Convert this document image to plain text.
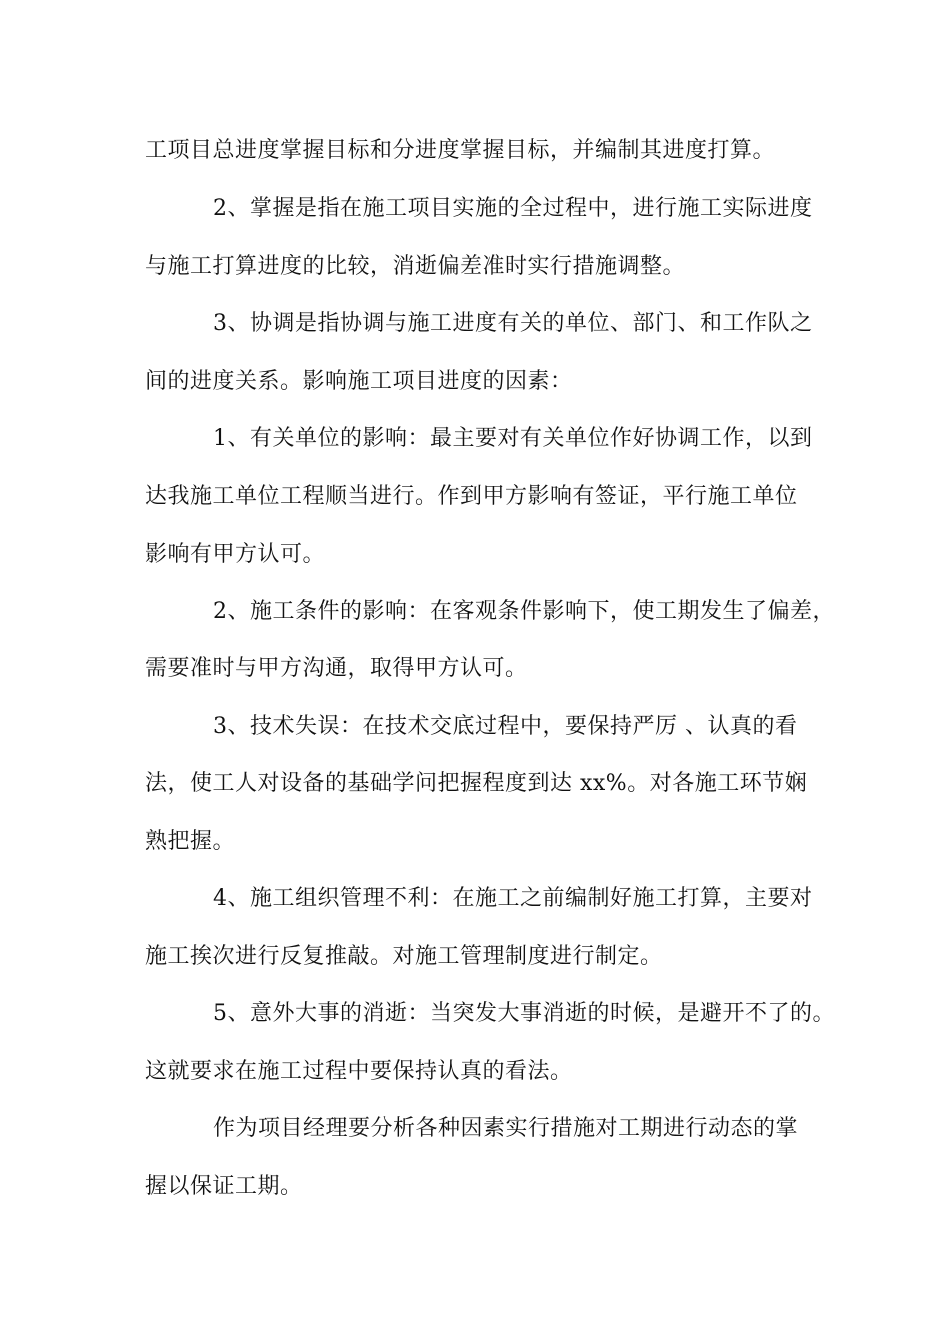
工项目总进度掌握目标和分进度掌握目标，并编制其进度打算。
2、掌握是指在施工项目实施的全过程中，进行施工实际进度
与施工打算进度的比较，消逝偏差准时实行措施调整。
3、协调是指协调与施工进度有关的单位、部门、和工作队之
间的进度关系。影响施工项目进度的因素：
1、有关单位的影响：最主要对有关单位作好协调工作，以到
达我施工单位工程顺当进行。作到甲方影响有签证，平行施工单位
影响有甲方认可。
2、施工条件的影响：在客观条件影响下，使工期发生了偏差，
需要准时与甲方沟通，取得甲方认可。
3、技术失误：在技术交底过程中，要保持严厉 、认真的看
法，使工人对设备的基础学问把握程度到达 xx%。对各施工环节娴
熟把握。
4、施工组织管理不利：在施工之前编制好施工打算，主要对
施工挨次进行反复推敲。对施工管理制度进行制定。
5、意外大事的消逝：当突发大事消逝的时候，是避开不了的。
这就要求在施工过程中要保持认真的看法。
作为项目经理要分析各种因素实行措施对工期进行动态的掌
握以保证工期。
